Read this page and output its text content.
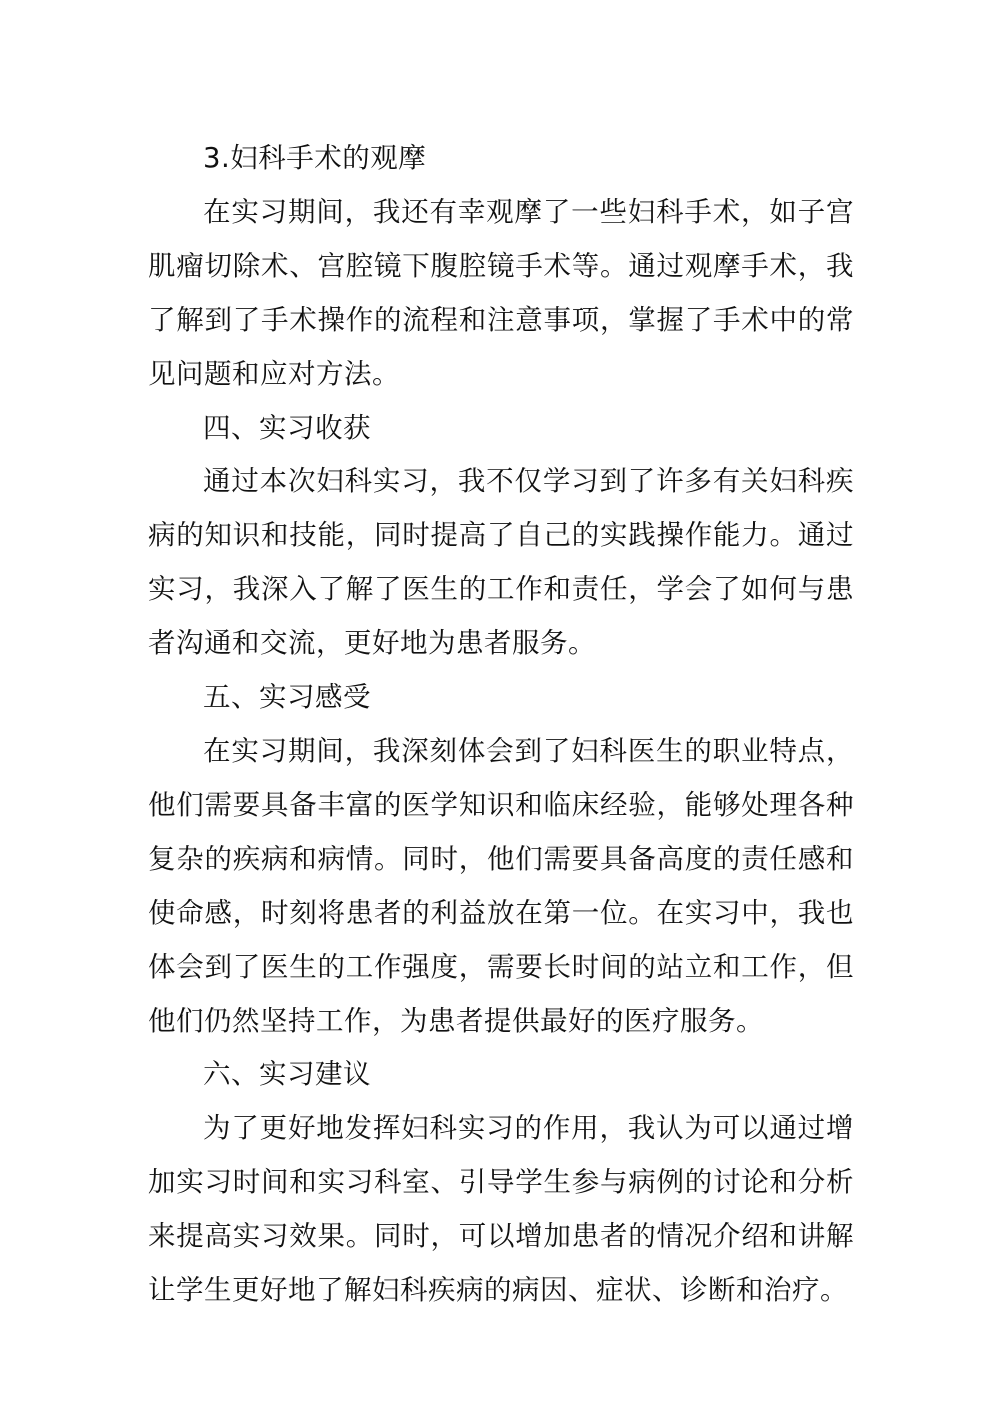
3.妇科手术的观摩

在实习期间，我还有幸观摩了一些妇科手术，如子宫肌瘤切除术、宫腔镜下腹腔镜手术等。通过观摩手术，我了解到了手术操作的流程和注意事项，掌握了手术中的常见问题和应对方法。

四、实习收获

通过本次妇科实习，我不仅学习到了许多有关妇科疾病的知识和技能，同时提高了自己的实践操作能力。通过实习，我深入了解了医生的工作和责任，学会了如何与患者沟通和交流，更好地为患者服务。

五、实习感受

在实习期间，我深刻体会到了妇科医生的职业特点，他们需要具备丰富的医学知识和临床经验，能够处理各种复杂的疾病和病情。同时，他们需要具备高度的责任感和使命感，时刻将患者的利益放在第一位。在实习中，我也体会到了医生的工作强度，需要长时间的站立和工作，但他们仍然坚持工作，为患者提供最好的医疗服务。

六、实习建议

为了更好地发挥妇科实习的作用，我认为可以通过增加实习时间和实习科室、引导学生参与病例的讨论和分析来提高实习效果。同时，可以增加患者的情况介绍和讲解让学生更好地了解妇科疾病的病因、症状、诊断和治疗。
